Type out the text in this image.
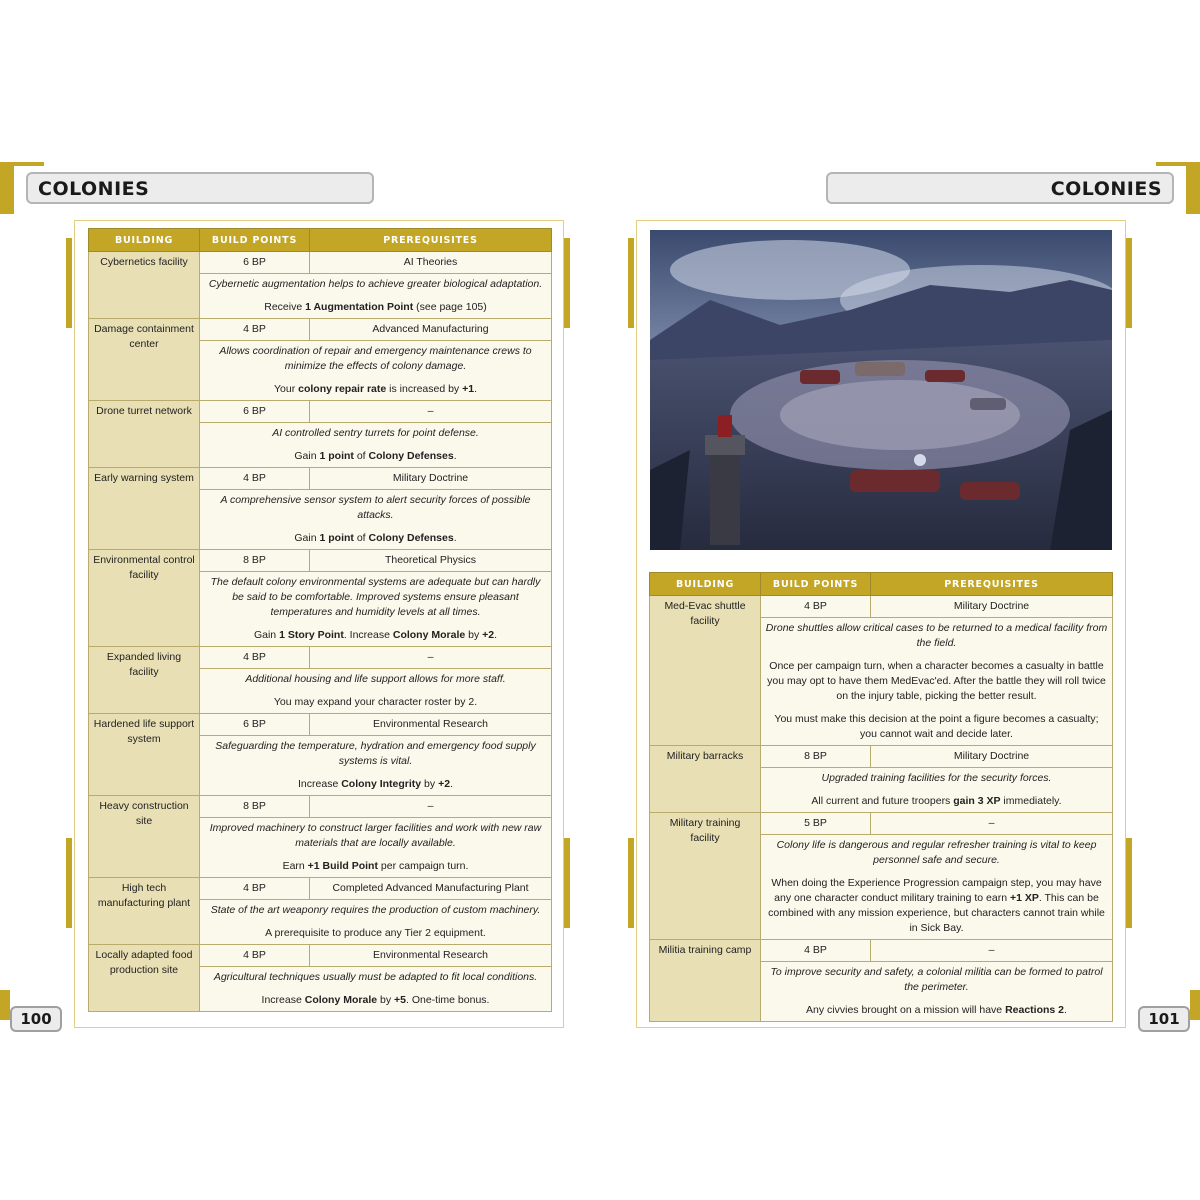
COLONIES
BUILDING	BUILD POINTS	PREREQUISITES
Cybernetics facility	6 BP	AI Theories

	Cybernetic augmentation helps to achieve greater biological adaptation.

Receive 1 Augmentation Point (see page 105)	

Damage containment center	4 BP	Advanced Manufacturing

	Allows coordination of repair and emergency maintenance crews to minimize the effects of colony damage.

Your colony repair rate is increased by +1.	

Drone turret network	6 BP	–

	AI controlled sentry turrets for point defense.

Gain 1 point of Colony Defenses.	

Early warning system	4 BP	Military Doctrine

	A comprehensive sensor system to alert security forces of possible attacks.

Gain 1 point of Colony Defenses.	

Environmental control facility	8 BP	Theoretical Physics

	The default colony environmental systems are adequate but can hardly be said to be comfortable. Improved systems ensure pleasant temperatures and humidity levels at all times.

Gain 1 Story Point. Increase Colony Morale by +2.	

Expanded living facility	4 BP	–

	Additional housing and life support allows for more staff.

You may expand your character roster by 2.	

Hardened life support system	6 BP	Environmental Research

	Safeguarding the temperature, hydration and emergency food supply systems is vital.

Increase Colony Integrity by +2.	

Heavy construction site	8 BP	–

	Improved machinery to construct larger facilities and work with new raw materials that are locally available.

Earn +1 Build Point per campaign turn.	

High tech manufacturing plant	4 BP	Completed Advanced Manufacturing Plant

	State of the art weaponry requires the production of custom machinery.

A prerequisite to produce any Tier 2 equipment.	

Locally adapted food production site	4 BP	Environmental Research

	Agricultural techniques usually must be adapted to fit local conditions.

Increase Colony Morale by +5. One-time bonus.	

100
COLONIES
BUILDING	BUILD POINTS	PREREQUISITES
Med-Evac shuttle facility	4 BP	Military Doctrine

	Drone shuttles allow critical cases to be returned to a medical facility from the field.

Once per campaign turn, when a character becomes a casualty in battle you may opt to have them MedEvac'ed. After the battle they will roll twice on the injury table, picking the better result.

You must make this decision at the point a figure becomes a casualty; you cannot wait and decide later.	

Military barracks	8 BP	Military Doctrine

	Upgraded training facilities for the security forces.

All current and future troopers gain 3 XP immediately.	

Military training facility	5 BP	–

	Colony life is dangerous and regular refresher training is vital to keep personnel safe and secure.

When doing the Experience Progression campaign step, you may have any one character conduct military training to earn +1 XP. This can be combined with any mission experience, but characters cannot train while in Sick Bay.	

Militia training camp	4 BP	–

	To improve security and safety, a colonial militia can be formed to patrol the perimeter.

Any civvies brought on a mission will have Reactions 2.		101
